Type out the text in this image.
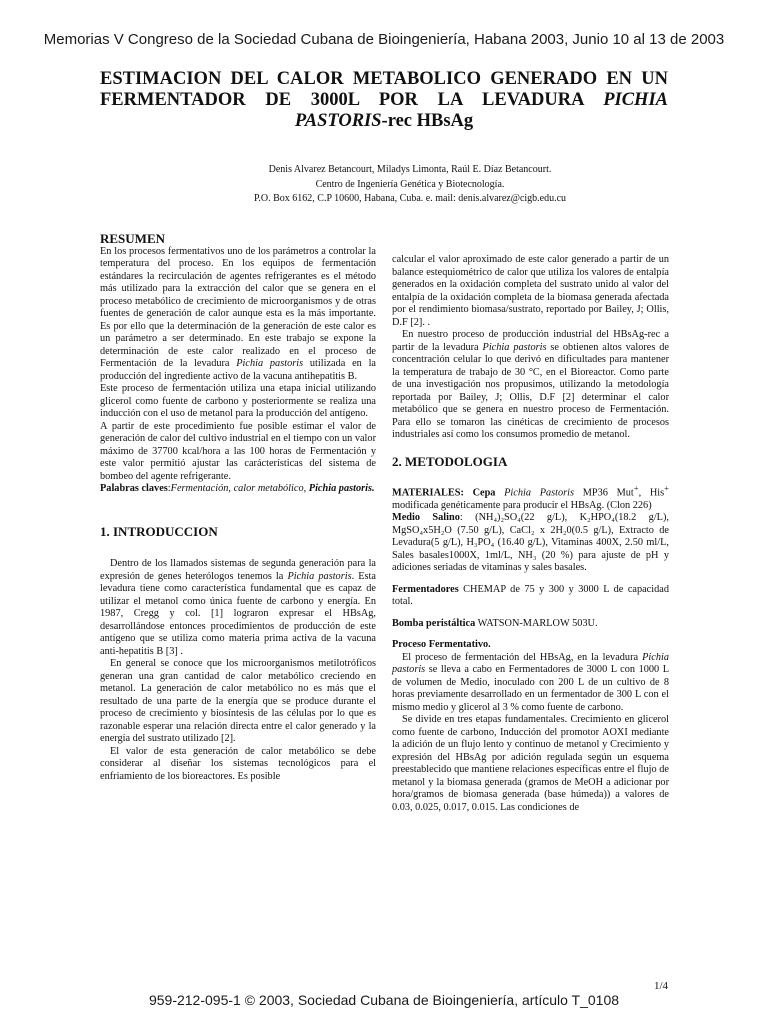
Memorias V Congreso de la Sociedad Cubana de Bioingeniería, Habana 2003, Junio 10 al 13 de 2003
ESTIMACION DEL CALOR METABOLICO GENERADO EN UN
FERMENTADOR DE 3000L POR LA LEVADURA PICHIA
PASTORIS-rec HBsAg
Denis Alvarez Betancourt, Miladys Limonta, Raúl E. Díaz Betancourt.
Centro de Ingeniería Genética y Biotecnología.
P.O. Box 6162, C.P 10600, Habana, Cuba. e. mail: denis.alvarez@cigb.edu.cu

RESUMEN

En los procesos fermentativos uno de los parámetros a controlar la temperatura del proceso. En los equipos de fermentación estándares la recirculación de agentes refrigerantes es el método más utilizado para la extracción del calor que se genera en el proceso metabólico de crecimiento de microorganismos y de otras fuentes de generación de calor aunque esta es la más importante. Es por ello que la determinación de la generación de este calor es un parámetro a ser determinado. En este trabajo se expone la determinación de este calor realizado en el proceso de Fermentación de la levadura Pichia pastoris utilizada en la producción del ingrediente activo de la vacuna antihepatitis B.

Este proceso de fermentación utiliza una etapa inicial utilizando glicerol como fuente de carbono y posteriormente se realiza una inducción con el uso de metanol para la producción del antígeno.

A partir de este procedimiento fue posible estimar el valor de generación de calor del cultivo industrial en el tiempo con un valor máximo de 37700 kcal/hora a las 100 horas de Fermentación y este valor permitió ajustar las carácterísticas del sistema de bombeo del agente refrigerante.

Palabras claves:Fermentación, calor metabólico, Pichia pastoris.

1. INTRODUCCION

Dentro de los llamados sistemas de segunda generación para la expresión de genes heterólogos tenemos la Pichia pastoris. Esta levadura tiene como característica fundamental que es capaz de utilizar el metanol como única fuente de carbono y energía. En 1987, Cregg y col. [1] lograron expresar el HBsAg, desarrollándose entonces procedimientos de producción de este antígeno que se utiliza como materia prima activa de la vacuna anti-hepatitis B [3] .

En general se conoce que los microorganismos metilotróficos generan una gran cantidad de calor metabólico creciendo en metanol. La generación de calor metabólico no es más que el resultado de una parte de la energía que se produce durante el proceso de crecimiento y biosíntesis de las células por lo que es razonable esperar una relación directa entre el calor generado y la energía del sustrato utilizado [2].

El valor de esta generación de calor metabólico se debe considerar al diseñar los sistemas tecnológicos para el enfriamiento de los bioreactores. Es posible

calcular el valor aproximado de este calor generado a partir de un balance estequiométrico de calor que utiliza los valores de entalpía generados en la oxidación completa del sustrato unido al valor del entalpía de la oxidación completa de la biomasa generada afectada por el rendimiento biomasa/sustrato, reportado por Bailey, J; Ollis, D.F [2]. .

En nuestro proceso de producción industrial del HBsAg-rec a partir de la levadura Pichia pastoris se obtienen altos valores de concentración celular lo que derivó en dificultades para mantener la temperatura de trabajo de 30 °C, en el Bioreactor. Como parte de una investigación nos propusimos, utilizando la metodología reportada por Bailey, J; Ollis, D.F [2] determinar el calor metabólico que se genera en nuestro proceso de Fermentación. Para ello se tomaron las cinéticas de crecimiento de procesos industriales así como los consumos promedio de metanol.

2. METODOLOGIA

MATERIALES: Cepa Pichia Pastoris MP36 Mut+, His+ modificada genéticamente para producir el HBsAg. (Clon 226)

Medio Salino: (NH₄)₂SO₄(22 g/L), K₂HPO₄(18.2 g/L), MgSO₄x5H₂O (7.50 g/L), CaCl₂ x 2H₂0(0.5 g/L), Extracto de Levadura(5 g/L), H₃PO₄ (16.40 g/L), Vitaminas 400X, 2.50 ml/L, Sales basales1000X, 1ml/L, NH₃ (20 %) para ajuste de pH y adiciones seriadas de vitaminas y sales basales.

Fermentadores CHEMAP de 75 y 300 y 3000 L de capacidad total.

Bomba peristáltica WATSON-MARLOW 503U.

Proceso Fermentativo.

El proceso de fermentación del HBsAg, en la levadura Pichia pastoris se lleva a cabo en Fermentadores de 3000 L con 1000 L de volumen de Medio, inoculado con 200 L de un cultivo de 8 horas previamente desarrollado en un fermentador de 300 L con el mismo medio y glicerol al 3 % como fuente de carbono.

Se divide en tres etapas fundamentales. Crecimiento en glicerol como fuente de carbono, Inducción del promotor AOXI mediante la adición de un flujo lento y continuo de metanol y Crecimiento y expresión del HBsAg por adición regulada según un esquema preestablecido que mantiene relaciones específicas entre el flujo de metanol y la biomasa generada (gramos de MeOH a adicionar por hora/gramos de biomasa generada (base húmeda)) a valores de 0.03, 0.025, 0.017, 0.015. Las condiciones de

1/4
959-212-095-1 © 2003, Sociedad Cubana de Bioingeniería, artículo T_0108
